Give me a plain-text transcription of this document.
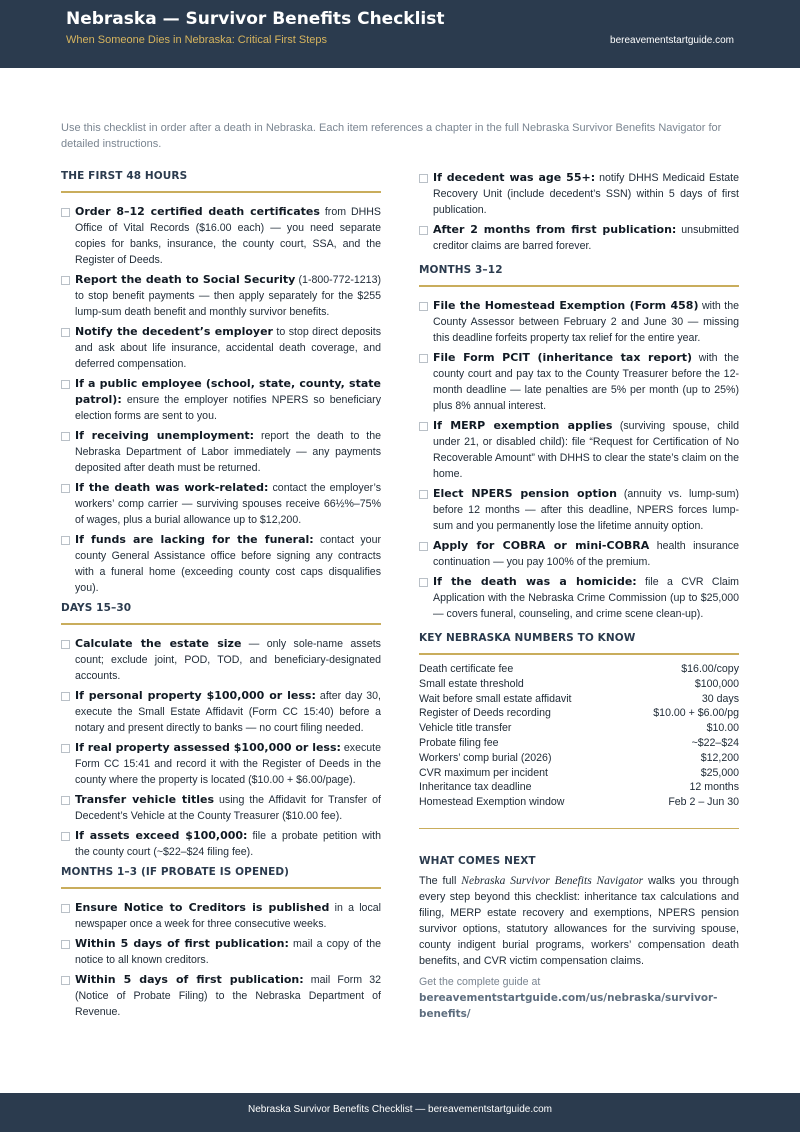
Nebraska — Survivor Benefits Checklist
When Someone Dies in Nebraska: Critical First Steps	bereavementstartguide.com
Use this checklist in order after a death in Nebraska. Each item references a chapter in the full Nebraska Survivor Benefits Navigator for detailed instructions.
THE FIRST 48 HOURS
Order 8–12 certified death certificates from DHHS Office of Vital Records ($16.00 each) — you need separate copies for banks, insurance, the county court, SSA, and the Register of Deeds.
Report the death to Social Security (1-800-772-1213) to stop benefit payments — then apply separately for the $255 lump-sum death benefit and monthly survivor benefits.
Notify the decedent’s employer to stop direct deposits and ask about life insurance, accidental death coverage, and deferred compensation.
If a public employee (school, state, county, state patrol): ensure the employer notifies NPERS so beneficiary election forms are sent to you.
If receiving unemployment: report the death to the Nebraska Department of Labor immediately — any payments deposited after death must be returned.
If the death was work-related: contact the employer’s workers’ comp carrier — surviving spouses receive 66½%–75% of wages, plus a burial allowance up to $12,200.
If funds are lacking for the funeral: contact your county General Assistance office before signing any contracts with a funeral home (exceeding county cost caps disqualifies you).
DAYS 15–30
Calculate the estate size — only sole-name assets count; exclude joint, POD, TOD, and beneficiary-designated accounts.
If personal property $100,000 or less: after day 30, execute the Small Estate Affidavit (Form CC 15:40) before a notary and present directly to banks — no court filing needed.
If real property assessed $100,000 or less: execute Form CC 15:41 and record it with the Register of Deeds in the county where the property is located ($10.00 + $6.00/page).
Transfer vehicle titles using the Affidavit for Transfer of Decedent’s Vehicle at the County Treasurer ($10.00 fee).
If assets exceed $100,000: file a probate petition with the county court (~$22–$24 filing fee).
MONTHS 1–3 (IF PROBATE IS OPENED)
Ensure Notice to Creditors is published in a local newspaper once a week for three consecutive weeks.
Within 5 days of first publication: mail a copy of the notice to all known creditors.
Within 5 days of first publication: mail Form 32 (Notice of Probate Filing) to the Nebraska Department of Revenue.
If decedent was age 55+: notify DHHS Medicaid Estate Recovery Unit (include decedent’s SSN) within 5 days of first publication.
After 2 months from first publication: unsubmitted creditor claims are barred forever.
MONTHS 3–12
File the Homestead Exemption (Form 458) with the County Assessor between February 2 and June 30 — missing this deadline forfeits property tax relief for the entire year.
File Form PCIT (inheritance tax report) with the county court and pay tax to the County Treasurer before the 12-month deadline — late penalties are 5% per month (up to 25%) plus 8% annual interest.
If MERP exemption applies (surviving spouse, child under 21, or disabled child): file “Request for Certification of No Recoverable Amount” with DHHS to clear the state’s claim on the home.
Elect NPERS pension option (annuity vs. lump-sum) before 12 months — after this deadline, NPERS forces lump-sum and you permanently lose the lifetime annuity option.
Apply for COBRA or mini-COBRA health insurance continuation — you pay 100% of the premium.
If the death was a homicide: file a CVR Claim Application with the Nebraska Crime Commission (up to $25,000 — covers funeral, counseling, and crime scene clean-up).
KEY NEBRASKA NUMBERS TO KNOW
Death certificate fee	$16.00/copy
Small estate threshold	$100,000
Wait before small estate affidavit	30 days
Register of Deeds recording	$10.00 + $6.00/pg
Vehicle title transfer	$10.00
Probate filing fee	~$22–$24
Workers’ comp burial (2026)	$12,200
CVR maximum per incident	$25,000
Inheritance tax deadline	12 months
Homestead Exemption window	Feb 2 – Jun 30
WHAT COMES NEXT
The full Nebraska Survivor Benefits Navigator walks you through every step beyond this checklist: inheritance tax calculations and filing, MERP estate recovery and exemptions, NPERS pension survivor options, statutory allowances for the surviving spouse, county indigent burial programs, workers’ compensation death benefits, and CVR victim compensation claims.
Get the complete guide at
bereavementstartguide.com/us/nebraska/survivor-benefits/
Nebraska Survivor Benefits Checklist — bereavementstartguide.com
